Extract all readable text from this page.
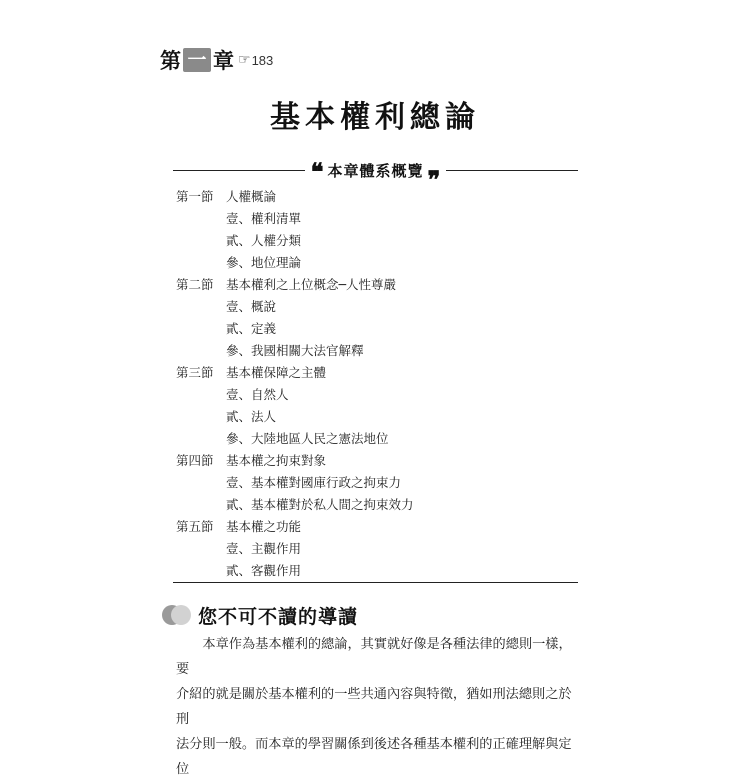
第 一 章 ☞ 183
基本權利總論
❝ 本章體系概覽 ❞
第一節 人權概論
壹、權利清單
貳、人權分類
參、地位理論
第二節 基本權利之上位概念─人性尊嚴
壹、概說
貳、定義
參、我國相關大法官解釋
第三節 基本權保障之主體
壹、自然人
貳、法人
參、大陸地區人民之憲法地位
第四節 基本權之拘束對象
壹、基本權對國庫行政之拘束力
貳、基本權對於私人間之拘束效力
第五節 基本權之功能
壹、主觀作用
貳、客觀作用
您不可不讀的導讀

本章作為基本權利的總論，其實就好像是各種法律的總則一樣，要

介紹的就是關於基本權利的一些共通內容與特徵，猶如刑法總則之於刑

法分則一般。而本章的學習關係到後述各種基本權利的正確理解與定位
